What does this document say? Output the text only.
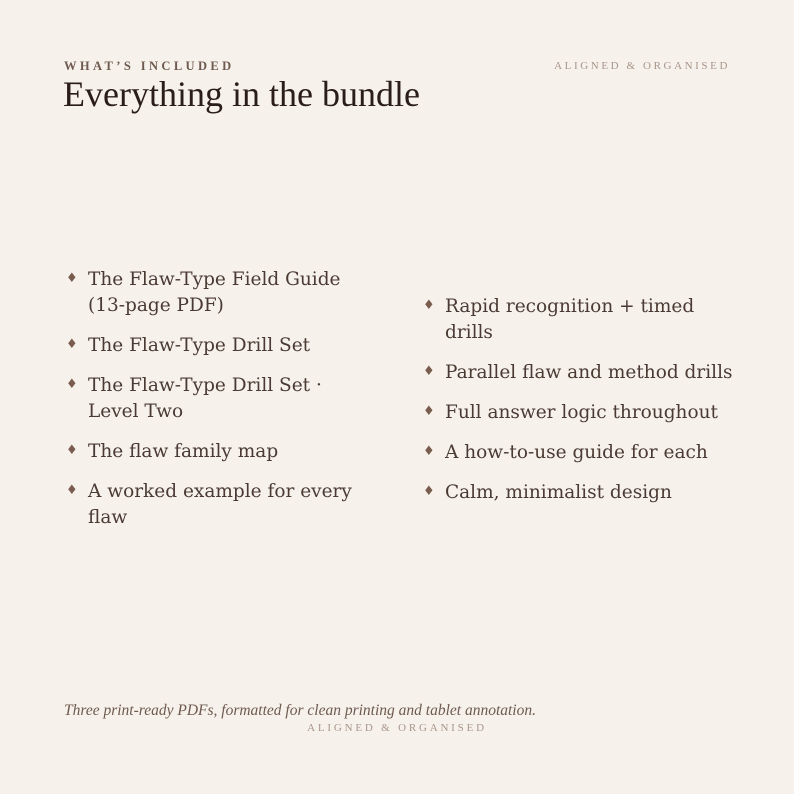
WHAT’S INCLUDED	ALIGNED & ORGANISED
Everything in the bundle
♦ The Flaw-Type Field Guide (13-page PDF)
♦ The Flaw-Type Drill Set
♦ The Flaw-Type Drill Set · Level Two
♦ The flaw family map
♦ A worked example for every flaw
♦ Rapid recognition + timed drills
♦ Parallel flaw and method drills
♦ Full answer logic throughout
♦ A how-to-use guide for each
♦ Calm, minimalist design
Three print-ready PDFs, formatted for clean printing and tablet annotation.
ALIGNED & ORGANISED
